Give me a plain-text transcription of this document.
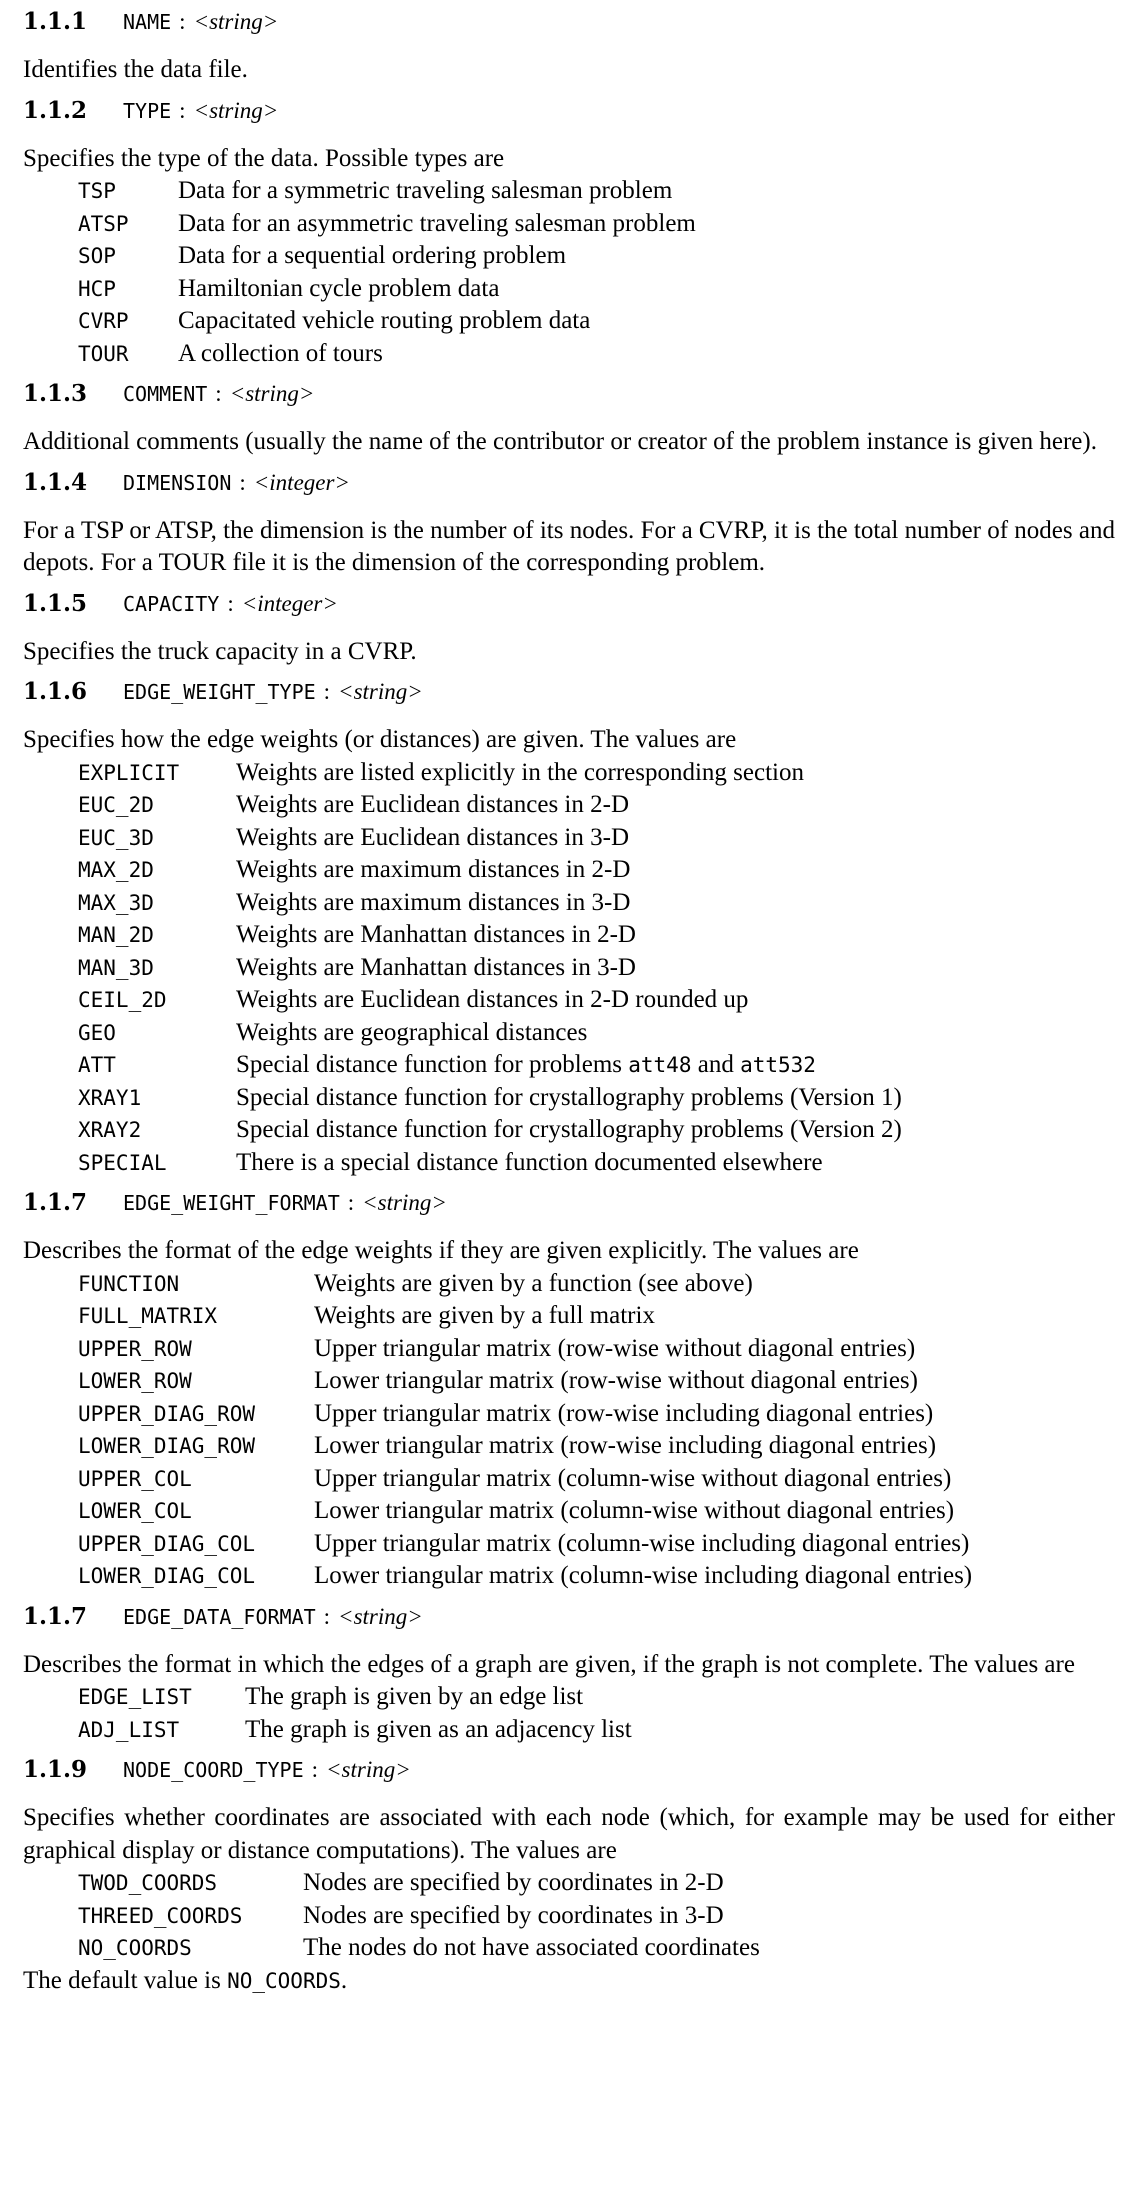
1.1.1	NAME : <string>
Identifies the data file.
1.1.2	TYPE : <string>
Specifies the type of the data. Possible types are
TSP	Data for a symmetric traveling salesman problem
ATSP	Data for an asymmetric traveling salesman problem
SOP	Data for a sequential ordering problem
HCP	Hamiltonian cycle problem data
CVRP	Capacitated vehicle routing problem data
TOUR	A collection of tours
1.1.3	COMMENT : <string>
Additional comments (usually the name of the contributor or creator of the problem instance is given here).
1.1.4	DIMENSION : <integer>
For a TSP or ATSP, the dimension is the number of its nodes. For a CVRP, it is the total number of nodes and depots. For a TOUR file it is the dimension of the corresponding problem.
1.1.5	CAPACITY : <integer>
Specifies the truck capacity in a CVRP.
1.1.6	EDGE_WEIGHT_TYPE : <string>
Specifies how the edge weights (or distances) are given. The values are
EXPLICIT	Weights are listed explicitly in the corresponding section
EUC_2D	Weights are Euclidean distances in 2-D
EUC_3D	Weights are Euclidean distances in 3-D
MAX_2D	Weights are maximum distances in 2-D
MAX_3D	Weights are maximum distances in 3-D
MAN_2D	Weights are Manhattan distances in 2-D
MAN_3D	Weights are Manhattan distances in 3-D
CEIL_2D	Weights are Euclidean distances in 2-D rounded up
GEO	Weights are geographical distances
ATT	Special distance function for problems att48 and att532
XRAY1	Special distance function for crystallography problems (Version 1)
XRAY2	Special distance function for crystallography problems (Version 2)
SPECIAL	There is a special distance function documented elsewhere
1.1.7	EDGE_WEIGHT_FORMAT : <string>
Describes the format of the edge weights if they are given explicitly. The values are
FUNCTION	Weights are given by a function (see above)
FULL_MATRIX	Weights are given by a full matrix
UPPER_ROW	Upper triangular matrix (row-wise without diagonal entries)
LOWER_ROW	Lower triangular matrix (row-wise without diagonal entries)
UPPER_DIAG_ROW	Upper triangular matrix (row-wise including diagonal entries)
LOWER_DIAG_ROW	Lower triangular matrix (row-wise including diagonal entries)
UPPER_COL	Upper triangular matrix (column-wise without diagonal entries)
LOWER_COL	Lower triangular matrix (column-wise without diagonal entries)
UPPER_DIAG_COL	Upper triangular matrix (column-wise including diagonal entries)
LOWER_DIAG_COL	Lower triangular matrix (column-wise including diagonal entries)
1.1.7	EDGE_DATA_FORMAT : <string>
Describes the format in which the edges of a graph are given, if the graph is not complete. The values are
EDGE_LIST	The graph is given by an edge list
ADJ_LIST	The graph is given as an adjacency list
1.1.9	NODE_COORD_TYPE : <string>
Specifies whether coordinates are associated with each node (which, for example may be used for either graphical display or distance computations). The values are
TWOD_COORDS	Nodes are specified by coordinates in 2-D
THREED_COORDS	Nodes are specified by coordinates in 3-D
NO_COORDS	The nodes do not have associated coordinates
The default value is NO_COORDS.
